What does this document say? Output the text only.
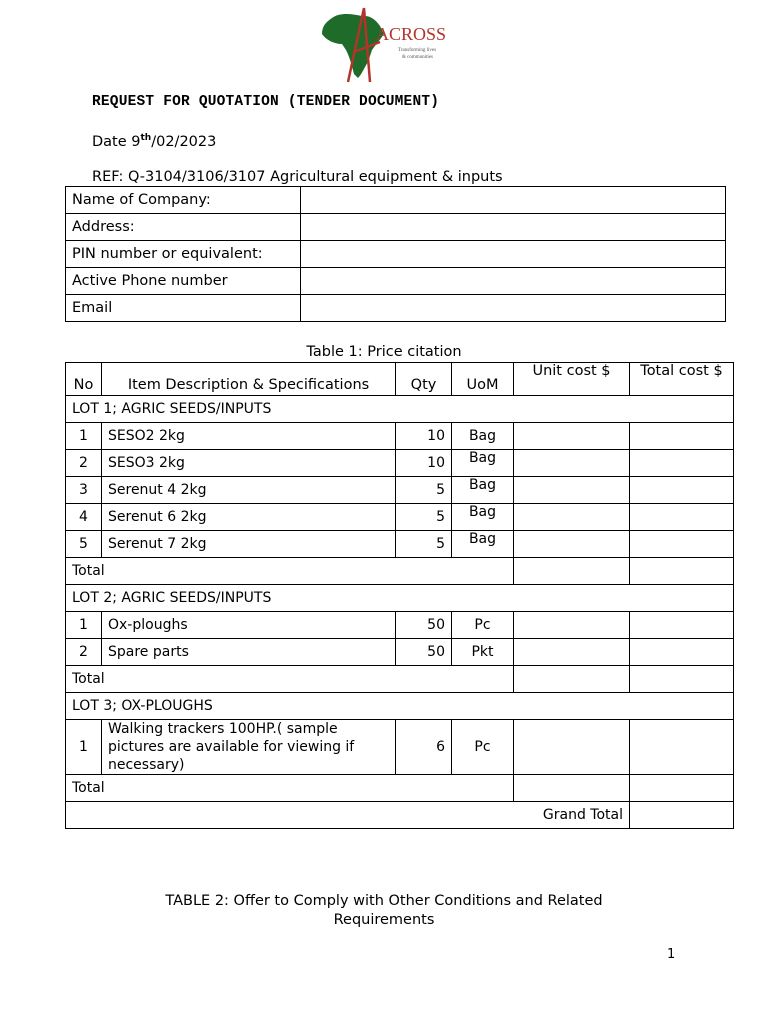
ACROSS
Transforming lives
& communities
REQUEST FOR QUOTATION (TENDER DOCUMENT)
Date 9th/02/2023
REF: Q-3104/3106/3107 Agricultural equipment & inputs
Name of Company:	
Address:	
PIN number or equivalent:	
Active Phone number	
Email	
Table 1: Price citation
No	Item Description & Specifications	Qty	UoM	Unit cost $	Total cost $
LOT 1; AGRIC SEEDS/INPUTS					
1	SESO2 2kg	10	Bag		
2	SESO3 2kg	10	Bag		
3	Serenut 4 2kg	5	Bag		
4	Serenut 6 2kg	5	Bag		
5	Serenut 7 2kg	5	Bag		
Total					
LOT 2; AGRIC SEEDS/INPUTS					
1	Ox-ploughs	50	Pc		
2	Spare parts	50	Pkt		
Total					
LOT 3; OX-PLOUGHS					
1	Walking trackers 100HP.( sample pictures are available for viewing if necessary)	6	Pc		
Total					
Grand Total					
TABLE 2: Offer to Comply with Other Conditions and Related Requirements
1
